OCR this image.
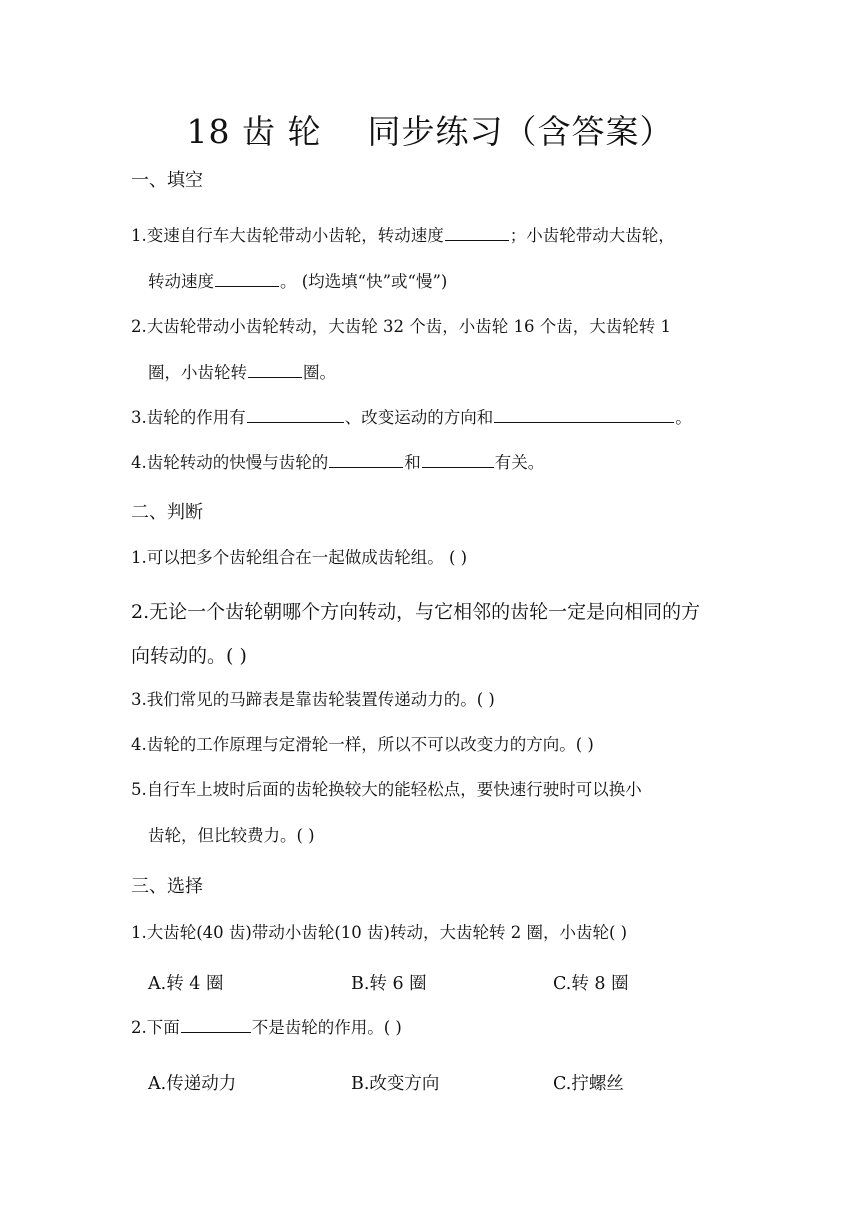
18 齿 轮    同步练习（含答案）
一、填空
1.变速自行车大齿轮带动小齿轮，转动速度	；小齿轮带动大齿轮，
转动速度	。 (均选填“快”或“慢”)
2.大齿轮带动小齿轮转动，大齿轮 32 个齿，小齿轮 16 个齿，大齿轮转 1
圈，小齿轮转	圈。
3.齿轮的作用有	、改变运动的方向和	。
4.齿轮转动的快慢与齿轮的	和	有关。
二、判断
1.可以把多个齿轮组合在一起做成齿轮组。 ( )
2.无论一个齿轮朝哪个方向转动，与它相邻的齿轮一定是向相同的方
向转动的。( )
3.我们常见的马蹄表是靠齿轮装置传递动力的。( )
4.齿轮的工作原理与定滑轮一样，所以不可以改变力的方向。( )
5.自行车上坡时后面的齿轮换较大的能轻松点，要快速行驶时可以换小
齿轮，但比较费力。( )
三、选择
1.大齿轮(40 齿)带动小齿轮(10 齿)转动，大齿轮转 2 圈，小齿轮( )
A.转 4 圈	B.转 6 圈	C.转 8 圈
2.下面	不是齿轮的作用。( )
A.传递动力	B.改变方向	C.拧螺丝
